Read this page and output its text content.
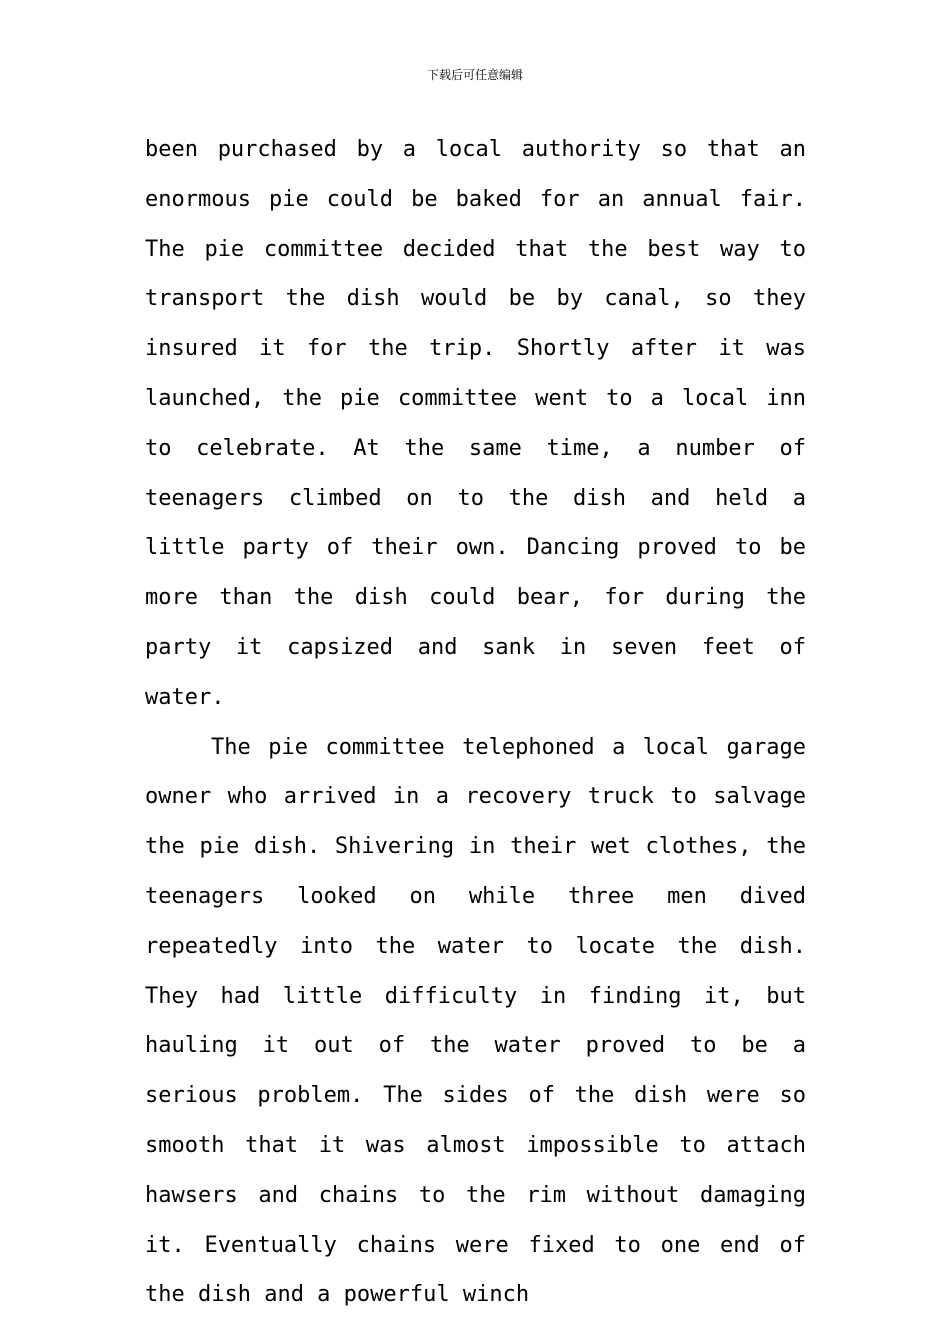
下载后可任意编辑

been purchased by a local authority so that an enormous pie could be baked for an annual fair. The pie committee decided that the best way to transport the dish would be by canal, so they insured it for the trip. Shortly after it was launched, the pie committee went to a local inn to celebrate. At the same time, a number of teenagers climbed on to the dish and held a little party of their own. Dancing proved to be more than the dish could bear, for during the party it capsized and sank in seven feet of water.

The pie committee telephoned a local garage owner who arrived in a recovery truck to salvage the pie dish. Shivering in their wet clothes, the teenagers looked on while three men dived repeatedly into the water to locate the dish. They had little difficulty in finding it, but hauling it out of the water proved to be a serious problem. The sides of the dish were so smooth that it was almost impossible to attach hawsers and chains to the rim without damaging it. Eventually chains were fixed to one end of the dish and a powerful winch
